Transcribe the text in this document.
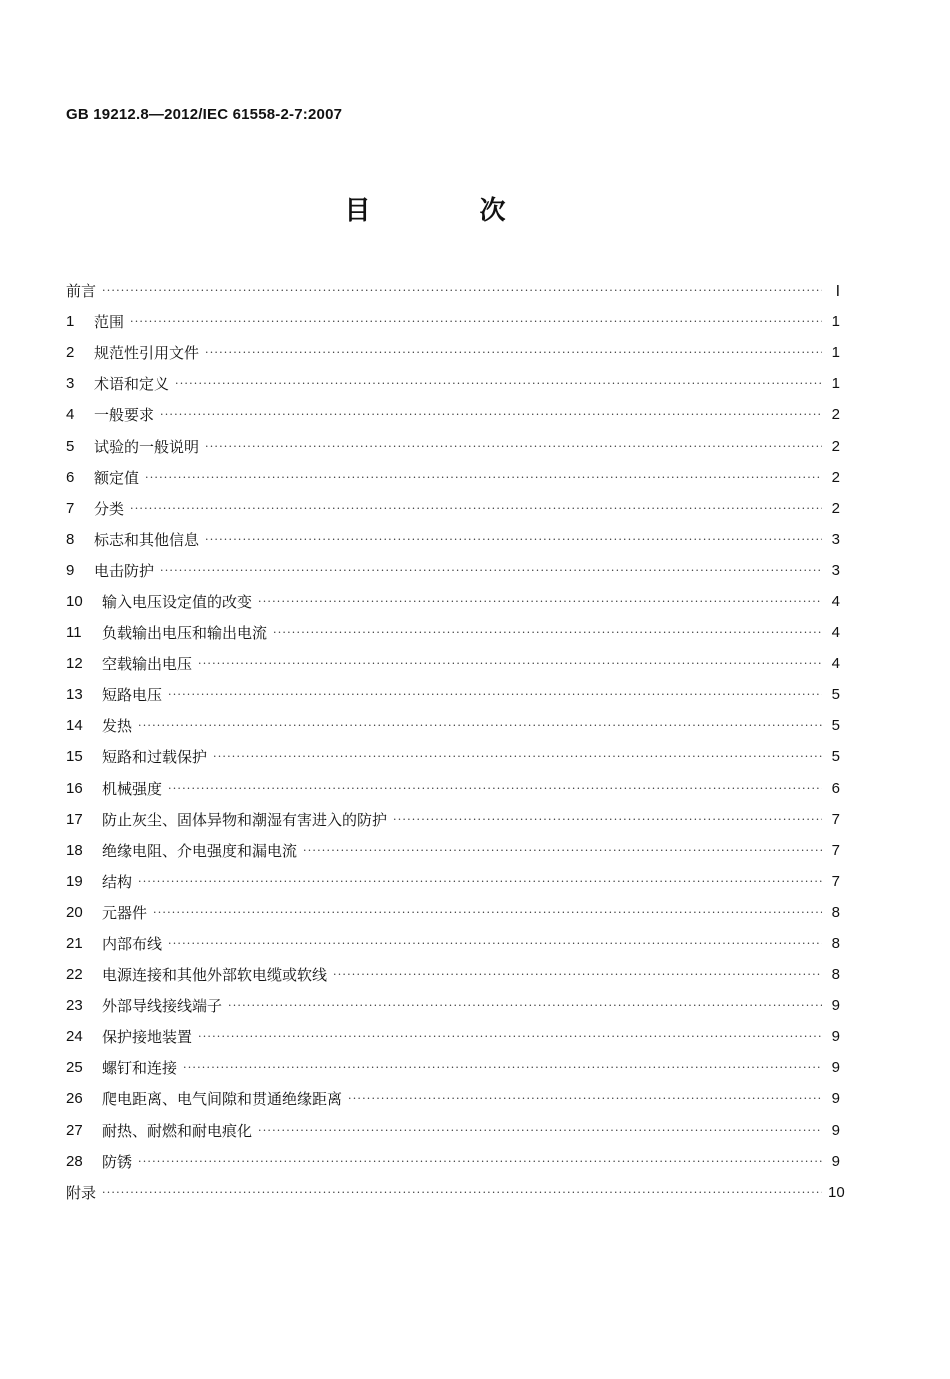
GB 19212.8—2012/IEC 61558-2-7:2007
目 次
前言 ·····	Ⅰ
1	范围 ·····	1
2	规范性引用文件 ·····	1
3	术语和定义 ·····	1
4	一般要求 ·····	2
5	试验的一般说明 ·····	2
6	额定值 ·····	2
7	分类 ·····	2
8	标志和其他信息 ·····	3
9	电击防护 ·····	3
10	输入电压设定值的改变 ·····	4
11	负载输出电压和输出电流 ·····	4
12	空载输出电压 ·····	4
13	短路电压 ·····	5
14	发热 ·····	5
15	短路和过载保护 ·····	5
16	机械强度 ·····	6
17	防止灰尘、固体异物和潮湿有害进入的防护 ·····	7
18	绝缘电阻、介电强度和漏电流 ·····	7
19	结构 ·····	7
20	元器件 ·····	8
21	内部布线 ·····	8
22	电源连接和其他外部软电缆或软线 ·····	8
23	外部导线接线端子 ·····	9
24	保护接地装置 ·····	9
25	螺钉和连接 ·····	9
26	爬电距离、电气间隙和贯通绝缘距离 ·····	9
27	耐热、耐燃和耐电痕化 ·····	9
28	防锈 ·····	9
附录 ·····	10
